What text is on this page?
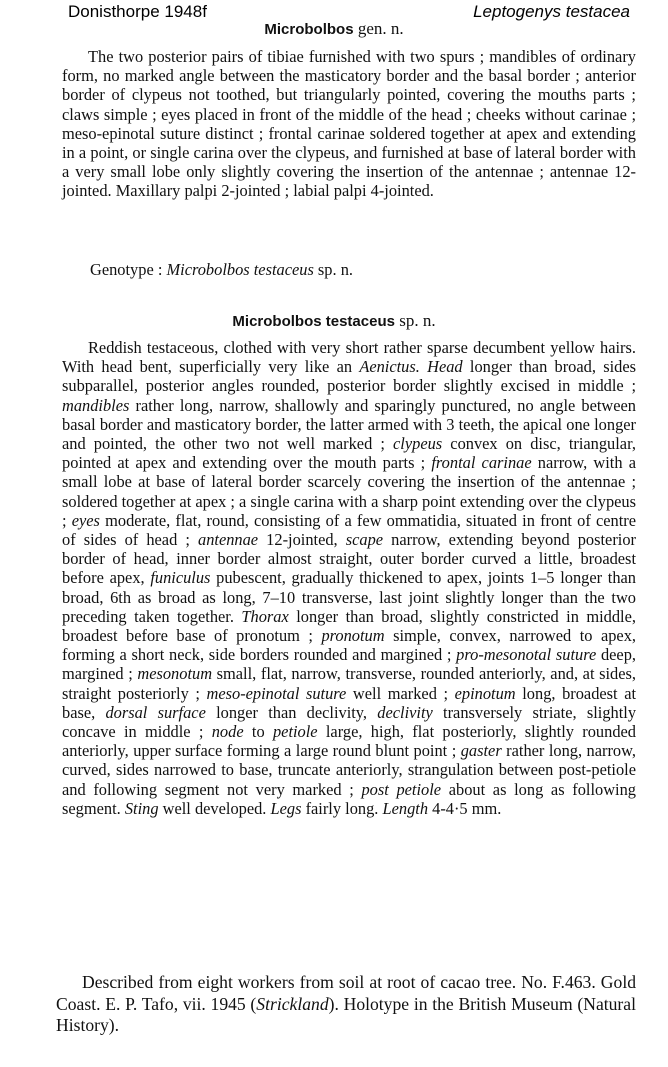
Donisthorpe 1948f	Leptogenys testacea
Microbolbos gen. n.

The two posterior pairs of tibiae furnished with two spurs ; mandibles of ordinary form, no marked angle between the masticatory border and the basal border ; anterior border of clypeus not toothed, but triangularly pointed, covering the mouths parts ; claws simple ; eyes placed in front of the middle of the head ; cheeks without carinae ; meso-epinotal suture distinct ; frontal carinae soldered together at apex and extending in a point, or single carina over the clypeus, and furnished at base of lateral border with a very small lobe only slightly covering the insertion of the antennae ; antennae 12-jointed. Maxillary palpi 2-jointed ; labial palpi 4-jointed.

Genotype : Microbolbos testaceus sp. n.
Microbolbos testaceus sp. n.

Reddish testaceous, clothed with very short rather sparse decumbent yellow hairs. With head bent, superficially very like an Aenictus. Head longer than broad, sides subparallel, posterior angles rounded, posterior border slightly excised in middle ; mandibles rather long, narrow, shallowly and sparingly punctured, no angle between basal border and masticatory border, the latter armed with 3 teeth, the apical one longer and pointed, the other two not well marked ; clypeus convex on disc, triangular, pointed at apex and extending over the mouth parts ; frontal carinae narrow, with a small lobe at base of lateral border scarcely covering the insertion of the antennae ; soldered together at apex ; a single carina with a sharp point extending over the clypeus ; eyes moderate, flat, round, consisting of a few ommatidia, situated in front of centre of sides of head ; antennae 12-jointed, scape narrow, extending beyond posterior border of head, inner border almost straight, outer border curved a little, broadest before apex, funiculus pubescent, gradually thickened to apex, joints 1–5 longer than broad, 6th as broad as long, 7–10 transverse, last joint slightly longer than the two preceding taken together. Thorax longer than broad, slightly constricted in middle, broadest before base of pronotum ; pronotum simple, convex, narrowed to apex, forming a short neck, side borders rounded and margined ; pro-mesonotal suture deep, margined ; mesonotum small, flat, narrow, transverse, rounded anteriorly, and, at sides, straight posteriorly ; meso-epinotal suture well marked ; epinotum long, broadest at base, dorsal surface longer than declivity, declivity transversely striate, slightly concave in middle ; node to petiole large, high, flat posteriorly, slightly rounded anteriorly, upper surface forming a large round blunt point ; gaster rather long, narrow, curved, sides narrowed to base, truncate anteriorly, strangulation between post-petiole and following segment not very marked ; post petiole about as long as following segment. Sting well developed. Legs fairly long. Length 4-4·5 mm.

Described from eight workers from soil at root of cacao tree. No. F.463. Gold Coast. E. P. Tafo, vii. 1945 (Strickland). Holotype in the British Museum (Natural History).
